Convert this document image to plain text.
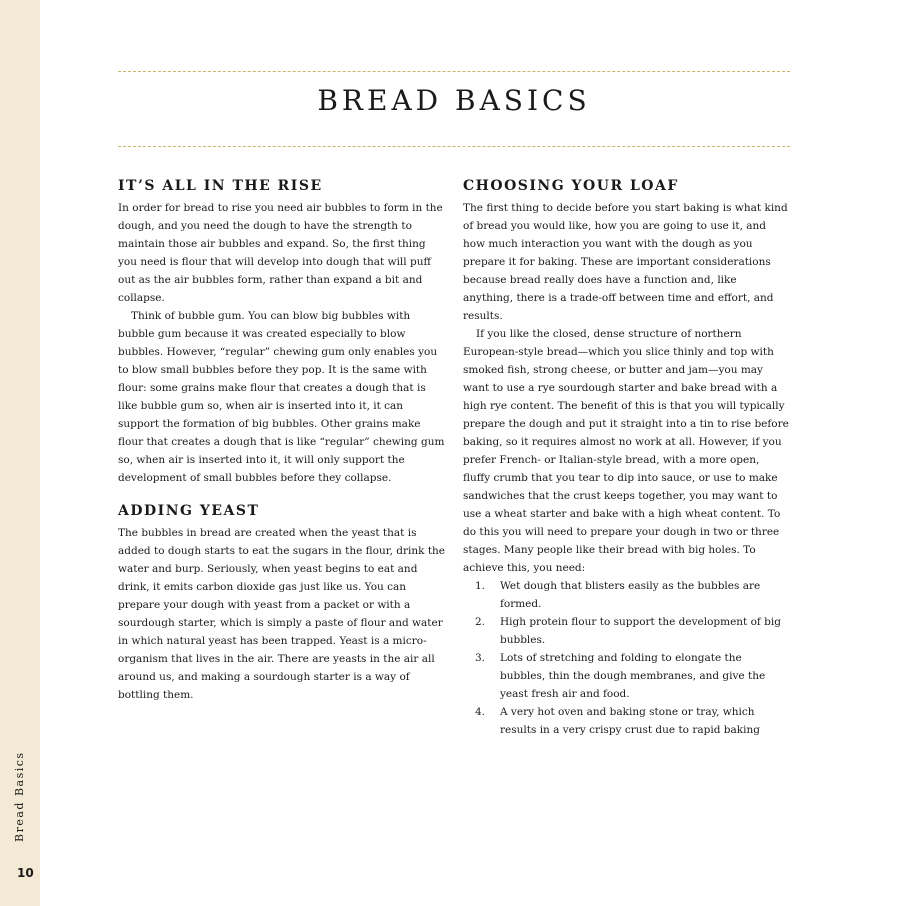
Bread Basics
10
BREAD BASICS
IT’S ALL IN THE RISE

In order for bread to rise you need air bubbles to form in the dough, and you need the dough to have the strength to maintain those air bubbles and expand. So, the first thing you need is flour that will develop into dough that will puff out as the air bubbles form, rather than expand a bit and collapse.

Think of bubble gum. You can blow big bubbles with bubble gum because it was created especially to blow bubbles. However, “regular” chewing gum only enables you to blow small bubbles before they pop. It is the same with flour: some grains make flour that creates a dough that is like bubble gum so, when air is inserted into it, it can support the formation of big bubbles. Other grains make flour that creates a dough that is like “regular” chewing gum so, when air is inserted into it, it will only support the development of small bubbles before they collapse.

ADDING YEAST

The bubbles in bread are created when the yeast that is added to dough starts to eat the sugars in the flour, drink the water and burp. Seriously, when yeast begins to eat and drink, it emits carbon dioxide gas just like us. You can prepare your dough with yeast from a packet or with a sourdough starter, which is simply a paste of flour and water in which natural yeast has been trapped. Yeast is a micro-organism that lives in the air. There are yeasts in the air all around us, and making a sourdough starter is a way of bottling them.

CHOOSING YOUR LOAF

The first thing to decide before you start baking is what kind of bread you would like, how you are going to use it, and how much interaction you want with the dough as you prepare it for baking. These are important considerations because bread really does have a function and, like anything, there is a trade-off between time and effort, and results.

If you like the closed, dense structure of northern European-style bread—which you slice thinly and top with smoked fish, strong cheese, or butter and jam—you may want to use a rye sourdough starter and bake bread with a high rye content. The benefit of this is that you will typically prepare the dough and put it straight into a tin to rise before baking, so it requires almost no work at all. However, if you prefer French- or Italian-style bread, with a more open, fluffy crumb that you tear to dip into sauce, or use to make sandwiches that the crust keeps together, you may want to use a wheat starter and bake with a high wheat content. To do this you will need to prepare your dough in two or three stages. Many people like their bread with big holes. To achieve this, you need:

1. Wet dough that blisters easily as the bubbles are formed.
2. High protein flour to support the development of big bubbles.
3. Lots of stretching and folding to elongate the bubbles, thin the dough membranes, and give the yeast fresh air and food.
4. A very hot oven and baking stone or tray, which results in a very crispy crust due to rapid baking
